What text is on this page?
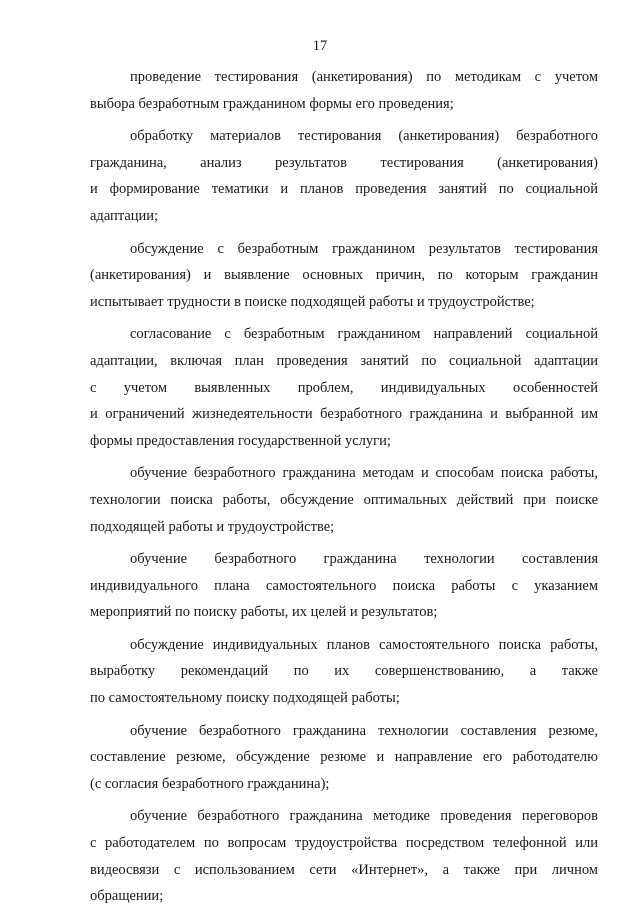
17

проведение тестирования (анкетирования) по методикам с учетом
выбора безработным гражданином формы его проведения;

обработку материалов тестирования (анкетирования) безработного
гражданина, анализ результатов тестирования (анкетирования)
и формирование тематики и планов проведения занятий по социальной
адаптации;

обсуждение с безработным гражданином результатов тестирования
(анкетирования) и выявление основных причин, по которым гражданин
испытывает трудности в поиске подходящей работы и трудоустройстве;

согласование с безработным гражданином направлений социальной
адаптации, включая план проведения занятий по социальной адаптации
с учетом выявленных проблем, индивидуальных особенностей
и ограничений жизнедеятельности безработного гражданина и выбранной им
формы предоставления государственной услуги;

обучение безработного гражданина методам и способам поиска работы,
технологии поиска работы, обсуждение оптимальных действий при поиске
подходящей работы и трудоустройстве;

обучение безработного гражданина технологии составления
индивидуального плана самостоятельного поиска работы с указанием
мероприятий по поиску работы, их целей и результатов;

обсуждение индивидуальных планов самостоятельного поиска работы,
выработку рекомендаций по их совершенствованию, а также
по самостоятельному поиску подходящей работы;

обучение безработного гражданина технологии составления резюме,
составление резюме, обсуждение резюме и направление его работодателю
(с согласия безработного гражданина);

обучение безработного гражданина методике проведения переговоров
с работодателем по вопросам трудоустройства посредством телефонной или
видеосвязи с использованием сети «Интернет», а также при личном
обращении;
